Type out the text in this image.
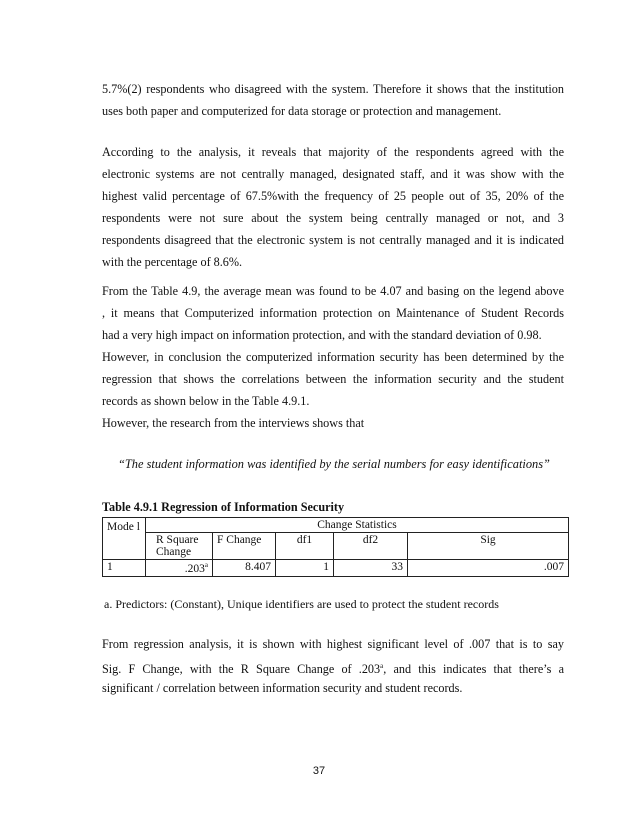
5.7%(2) respondents who disagreed with the system. Therefore it shows that the institution
uses both paper and computerized for data storage or protection and management.
According to the analysis, it reveals that majority of the respondents agreed with the
electronic systems are not centrally managed, designated staff, and it was show with the
highest valid percentage of 67.5%with the frequency of 25 people out of 35, 20% of the
respondents were not sure about the system being centrally managed or not, and 3
respondents disagreed that the electronic system is not centrally managed and it is indicated
with the percentage of 8.6%.
From the Table 4.9, the average mean was found to be 4.07 and basing on the legend above
, it means that Computerized information protection on Maintenance of Student Records
had a very high impact on information protection, and with the standard deviation of 0.98.
However, in conclusion the computerized information security has been determined by the
regression that shows the correlations between the information security and the student
records as shown below in the Table 4.9.1.
However, the research from the interviews shows that
“The student information was identified by the serial numbers for easy identifications”
Table 4.9.1 Regression of Information Security
Mode l	Change Statistics				
	R Square Change	F Change	df1	df2	Sig
1	.203$^a$	8.407	1	33	.007
a. Predictors: (Constant), Unique identifiers are used to protect the student records
From regression analysis, it is shown with highest significant level of .007 that is to say
Sig. F Change, with the R Square Change of .203$^a$, and this indicates that there’s a
significant / correlation between information security and student records.
37
